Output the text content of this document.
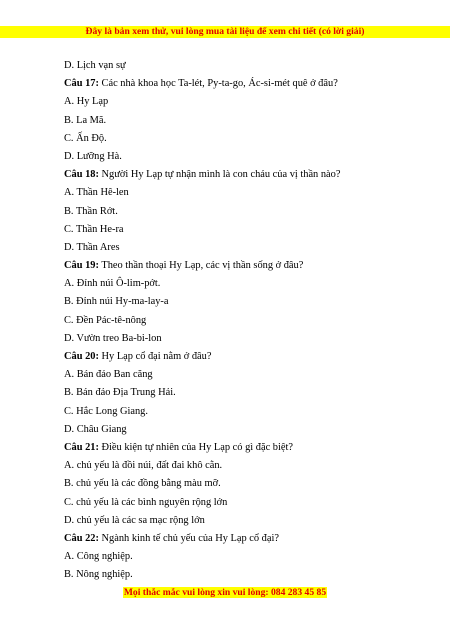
Đây là bản xem thử, vui lòng mua tài liệu để xem chi tiết (có lời giải)
D. Lịch vạn sự
Câu 17: Các nhà khoa học Ta-lét, Py-ta-go, Ác-si-mét quê ở đâu?
A. Hy Lạp
B. La Mã.
C. Ấn Độ.
D. Lưỡng Hà.
Câu 18: Người Hy Lạp tự nhận mình là con cháu của vị thần nào?
A. Thần Hê-len
B. Thần Rớt.
C. Thần He-ra
D. Thần Ares
Câu 19: Theo thần thoại Hy Lạp, các vị thần sống ở đâu?
A. Đỉnh núi Ô-lim-pớt.
B. Đỉnh núi Hy-ma-lay-a
C. Đền Pác-tê-nông
D. Vườn treo Ba-bi-lon
Câu 20: Hy Lạp cổ đại nằm ở đâu?
A. Bán đảo Ban căng
B. Bán đảo Địa Trung Hải.
C. Hắc Long Giang.
D. Châu Giang
Câu 21: Điều kiện tự nhiên của Hy Lạp có gì đặc biệt?
A. chủ yếu là đồi núi, đất đai khô cằn.
B. chủ yếu là các đồng bằng màu mỡ.
C. chủ yếu là các bình nguyên rộng lớn
D. chủ yếu là các sa mạc rộng lớn
Câu 22: Ngành kinh tế chủ yếu của Hy Lạp cổ đại?
A. Công nghiệp.
B. Nông nghiệp.
Mọi thắc mắc vui lòng xin vui lòng: 084 283 45 85
